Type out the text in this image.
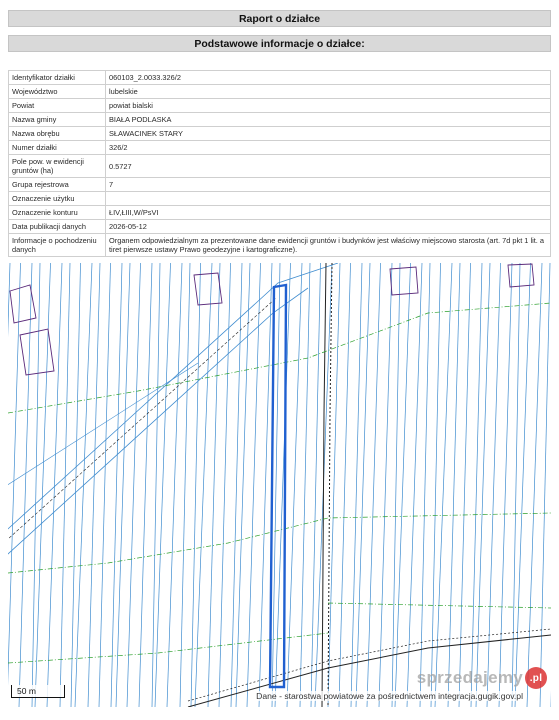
Raport o działce
Podstawowe informacje o działce:
Identyfikator działki	060103_2.0033.326/2
Województwo	lubelskie
Powiat	powiat bialski
Nazwa gminy	BIAŁA PODLASKA
Nazwa obrębu	SŁAWACINEK STARY
Numer działki	326/2
Pole pow. w ewidencji gruntów (ha)	0.5727
Grupa rejestrowa	7
Oznaczenie użytku	
Oznaczenie konturu	ŁIV,ŁIII,W/PsVI
Data publikacji danych	2026-05-12
Informacje o pochodzeniu danych	Organem odpowiedzialnym za prezentowane dane ewidencji gruntów i budynków jest właściwy miejscowo starosta (art. 7d pkt 1 lit. a tiret pierwsze ustawy Prawo geodezyjne i kartograficzne).
50 m	Dane - starostwa powiatowe za pośrednictwem integracja.gugik.gov.pl
sprzedajemy .pl
